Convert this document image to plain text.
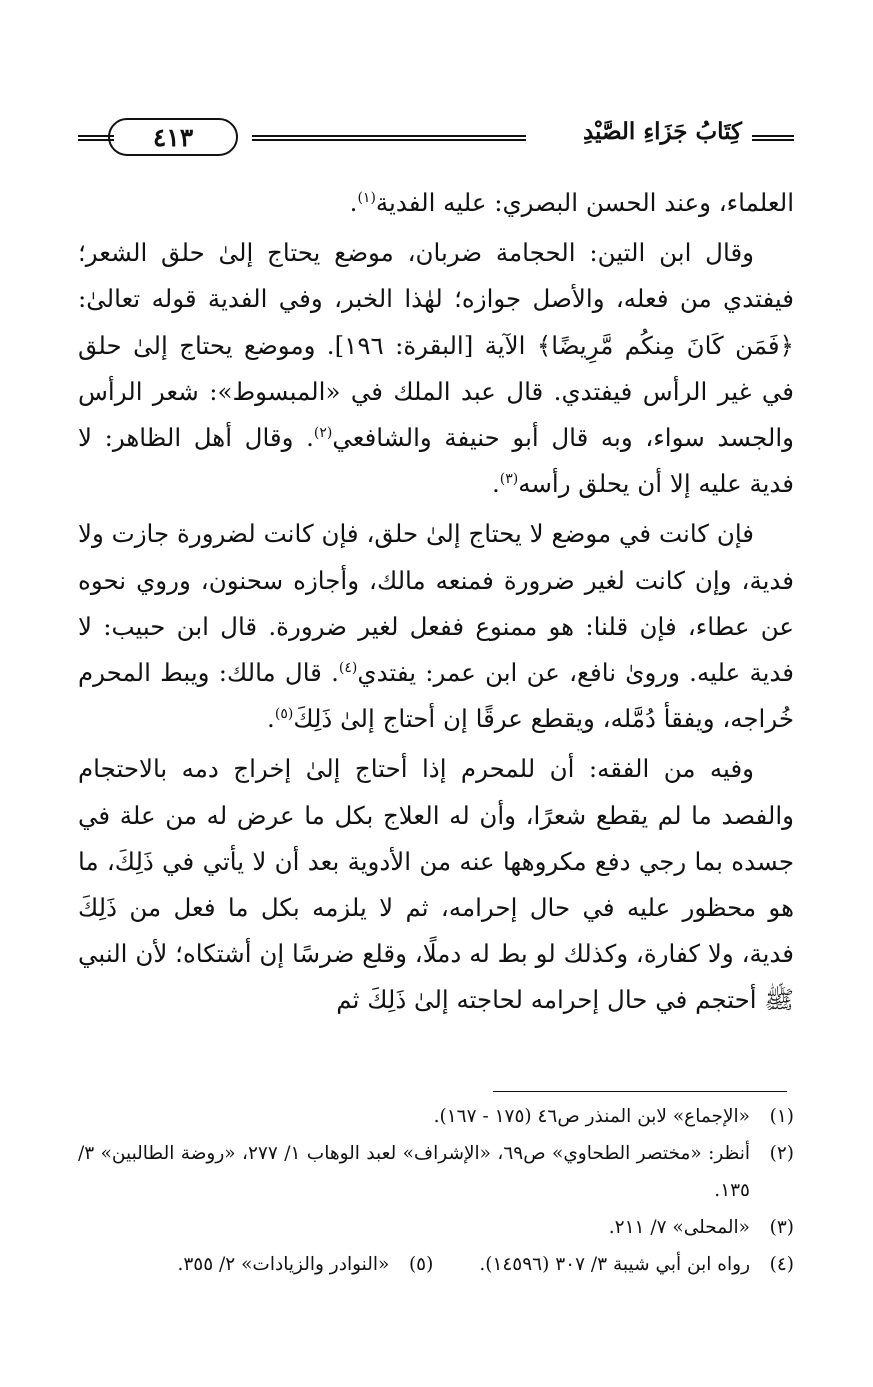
كِتَابُ جَزَاءِ الصَّيْدِ
٤١٣

العلماء، وعند الحسن البصري: عليه الفدية$^{(١)}$.

وقال ابن التين: الحجامة ضربان، موضع يحتاج إلىٰ حلق الشعر؛ فيفتدي من فعله، والأصل جوازه؛ لهٰذا الخبر، وفي الفدية قوله تعالىٰ: ﴿فَمَن كَانَ مِنكُم مَّرِيضًا﴾ الآية [البقرة: ١٩٦]. وموضع يحتاج إلىٰ حلق في غير الرأس فيفتدي. قال عبد الملك في «المبسوط»: شعر الرأس والجسد سواء، وبه قال أبو حنيفة والشافعي$^{(٢)}$. وقال أهل الظاهر: لا فدية عليه إلا أن يحلق رأسه$^{(٣)}$.

فإن كانت في موضع لا يحتاج إلىٰ حلق، فإن كانت لضرورة جازت ولا فدية، وإن كانت لغير ضرورة فمنعه مالك، وأجازه سحنون، وروي نحوه عن عطاء، فإن قلنا: هو ممنوع ففعل لغير ضرورة. قال ابن حبيب: لا فدية عليه. وروىٰ نافع، عن ابن عمر: يفتدي$^{(٤)}$. قال مالك: ويبط المحرم خُراجه، ويفقأ دُمَّله، ويقطع عرقًا إن أحتاج إلىٰ ذَلِكَ$^{(٥)}$.

وفيه من الفقه: أن للمحرم إذا أحتاج إلىٰ إخراج دمه بالاحتجام والفصد ما لم يقطع شعرًا، وأن له العلاج بكل ما عرض له من علة في جسده بما رجي دفع مكروهها عنه من الأدوية بعد أن لا يأتي في ذَلِكَ، ما هو محظور عليه في حال إحرامه، ثم لا يلزمه بكل ما فعل من ذَلِكَ فدية، ولا كفارة، وكذلك لو بط له دملًا، وقلع ضرسًا إن أشتكاه؛ لأن النبي ﷺ أحتجم في حال إحرامه لحاجته إلىٰ ذَلِكَ ثم

(١)
«الإجماع» لابن المنذر ص٤٦ (١٧٥ - ١٦٧).
(٢)
أنظر: «مختصر الطحاوي» ص٦٩، «الإشراف» لعبد الوهاب ١/ ٢٧٧، «روضة الطالبين» ٣/ ١٣٥.
(٣)
«المحلى» ٧/ ٢١١.
(٤)
رواه ابن أبي شيبة ٣/ ٣٠٧ (١٤٥٩٦).
(٥)
«النوادر والزيادات» ٢/ ٣٥٥.
